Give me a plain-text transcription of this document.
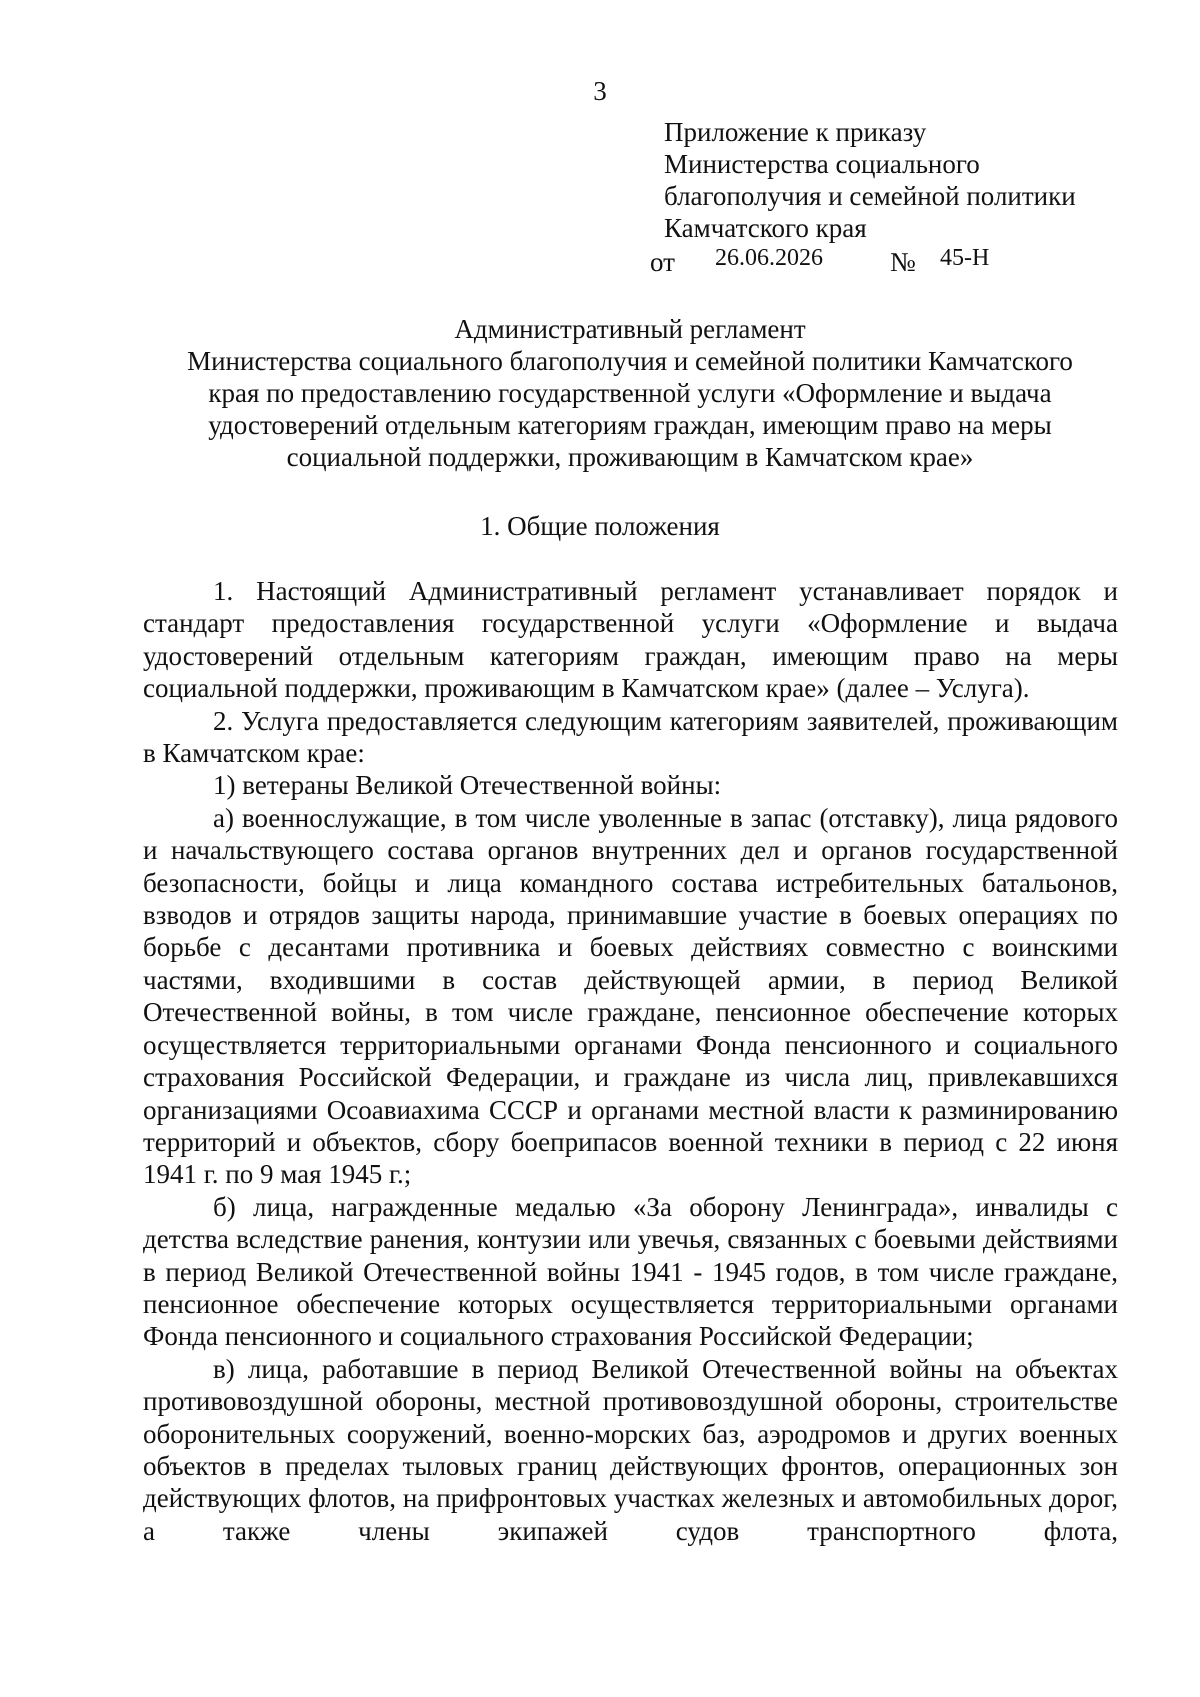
3
Приложение к приказу
Министерства социального
благополучия и семейной политики
Камчатского края
от 26.06.2026 № 45-Н
Административный регламент
Министерства социального благополучия и семейной политики Камчатского
края по предоставлению государственной услуги «Оформление и выдача
удостоверений отдельным категориям граждан, имеющим право на меры
социальной поддержки, проживающим в Камчатском крае»
1. Общие положения

1. Настоящий Административный регламент устанавливает порядок и стандарт предоставления государственной услуги «Оформление и выдача удостоверений отдельным категориям граждан, имеющим право на меры социальной поддержки, проживающим в Камчатском крае» (далее – Услуга).

2. Услуга предоставляется следующим категориям заявителей, проживающим в Камчатском крае:

1) ветераны Великой Отечественной войны:

а) военнослужащие, в том числе уволенные в запас (отставку), лица рядового и начальствующего состава органов внутренних дел и органов государственной безопасности, бойцы и лица командного состава истребительных батальонов, взводов и отрядов защиты народа, принимавшие участие в боевых операциях по борьбе с десантами противника и боевых действиях совместно с воинскими частями, входившими в состав действующей армии, в период Великой Отечественной войны, в том числе граждане, пенсионное обеспечение которых осуществляется территориальными органами Фонда пенсионного и социального страхования Российской Федерации, и граждане из числа лиц, привлекавшихся организациями Осоавиахима СССР и органами местной власти к разминированию территорий и объектов, сбору боеприпасов военной техники в период с 22 июня 1941 г. по 9 мая 1945 г.;

б) лица, награжденные медалью «За оборону Ленинграда», инвалиды с детства вследствие ранения, контузии или увечья, связанных с боевыми действиями в период Великой Отечественной войны 1941 - 1945 годов, в том числе граждане, пенсионное обеспечение которых осуществляется территориальными органами Фонда пенсионного и социального страхования Российской Федерации;

в) лица, работавшие в период Великой Отечественной войны на объектах противовоздушной обороны, местной противовоздушной обороны, строительстве оборонительных сооружений, военно-морских баз, аэродромов и других военных объектов в пределах тыловых границ действующих фронтов, операционных зон действующих флотов, на прифронтовых участках железных и автомобильных дорог, а также члены экипажей судов транспортного флота,
